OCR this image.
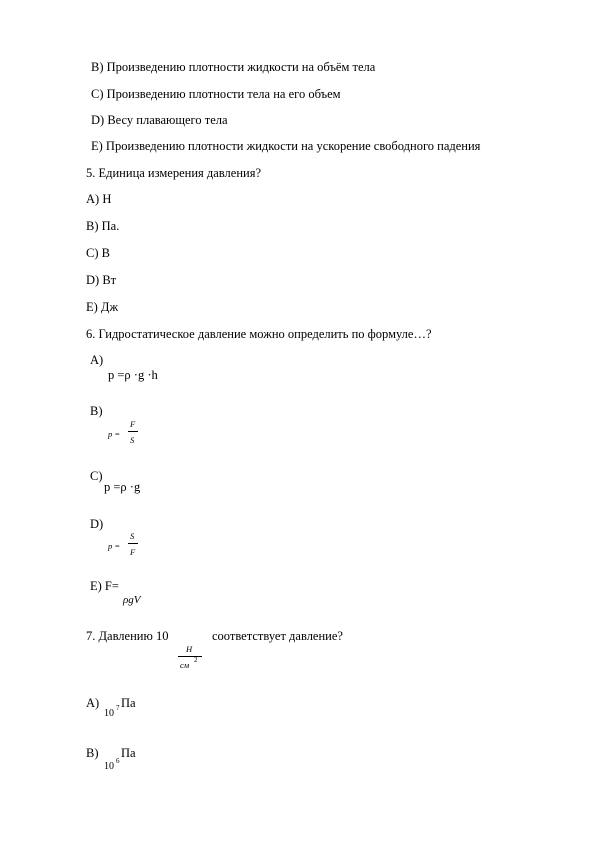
B) Произведению плотности жидкости на объём тела
C) Произведению плотности тела на его объем
D) Весу плавающего тела
E) Произведению плотности жидкости на ускорение свободного падения
5. Единица измерения давления?
A) H
B) Па.
C) B
D) Вт
E) Дж
6. Гидростатическое давление можно определить по формуле…?
A)
p =ρ ·g ·h
B)
p =
F
S
C)
p =ρ ·g
D)
p =
S
F
E) F=
ρgV
7. Давлению 10
Н
см 2
соответствует давление?
A)
10 7 Па
B)
10 6
Па
